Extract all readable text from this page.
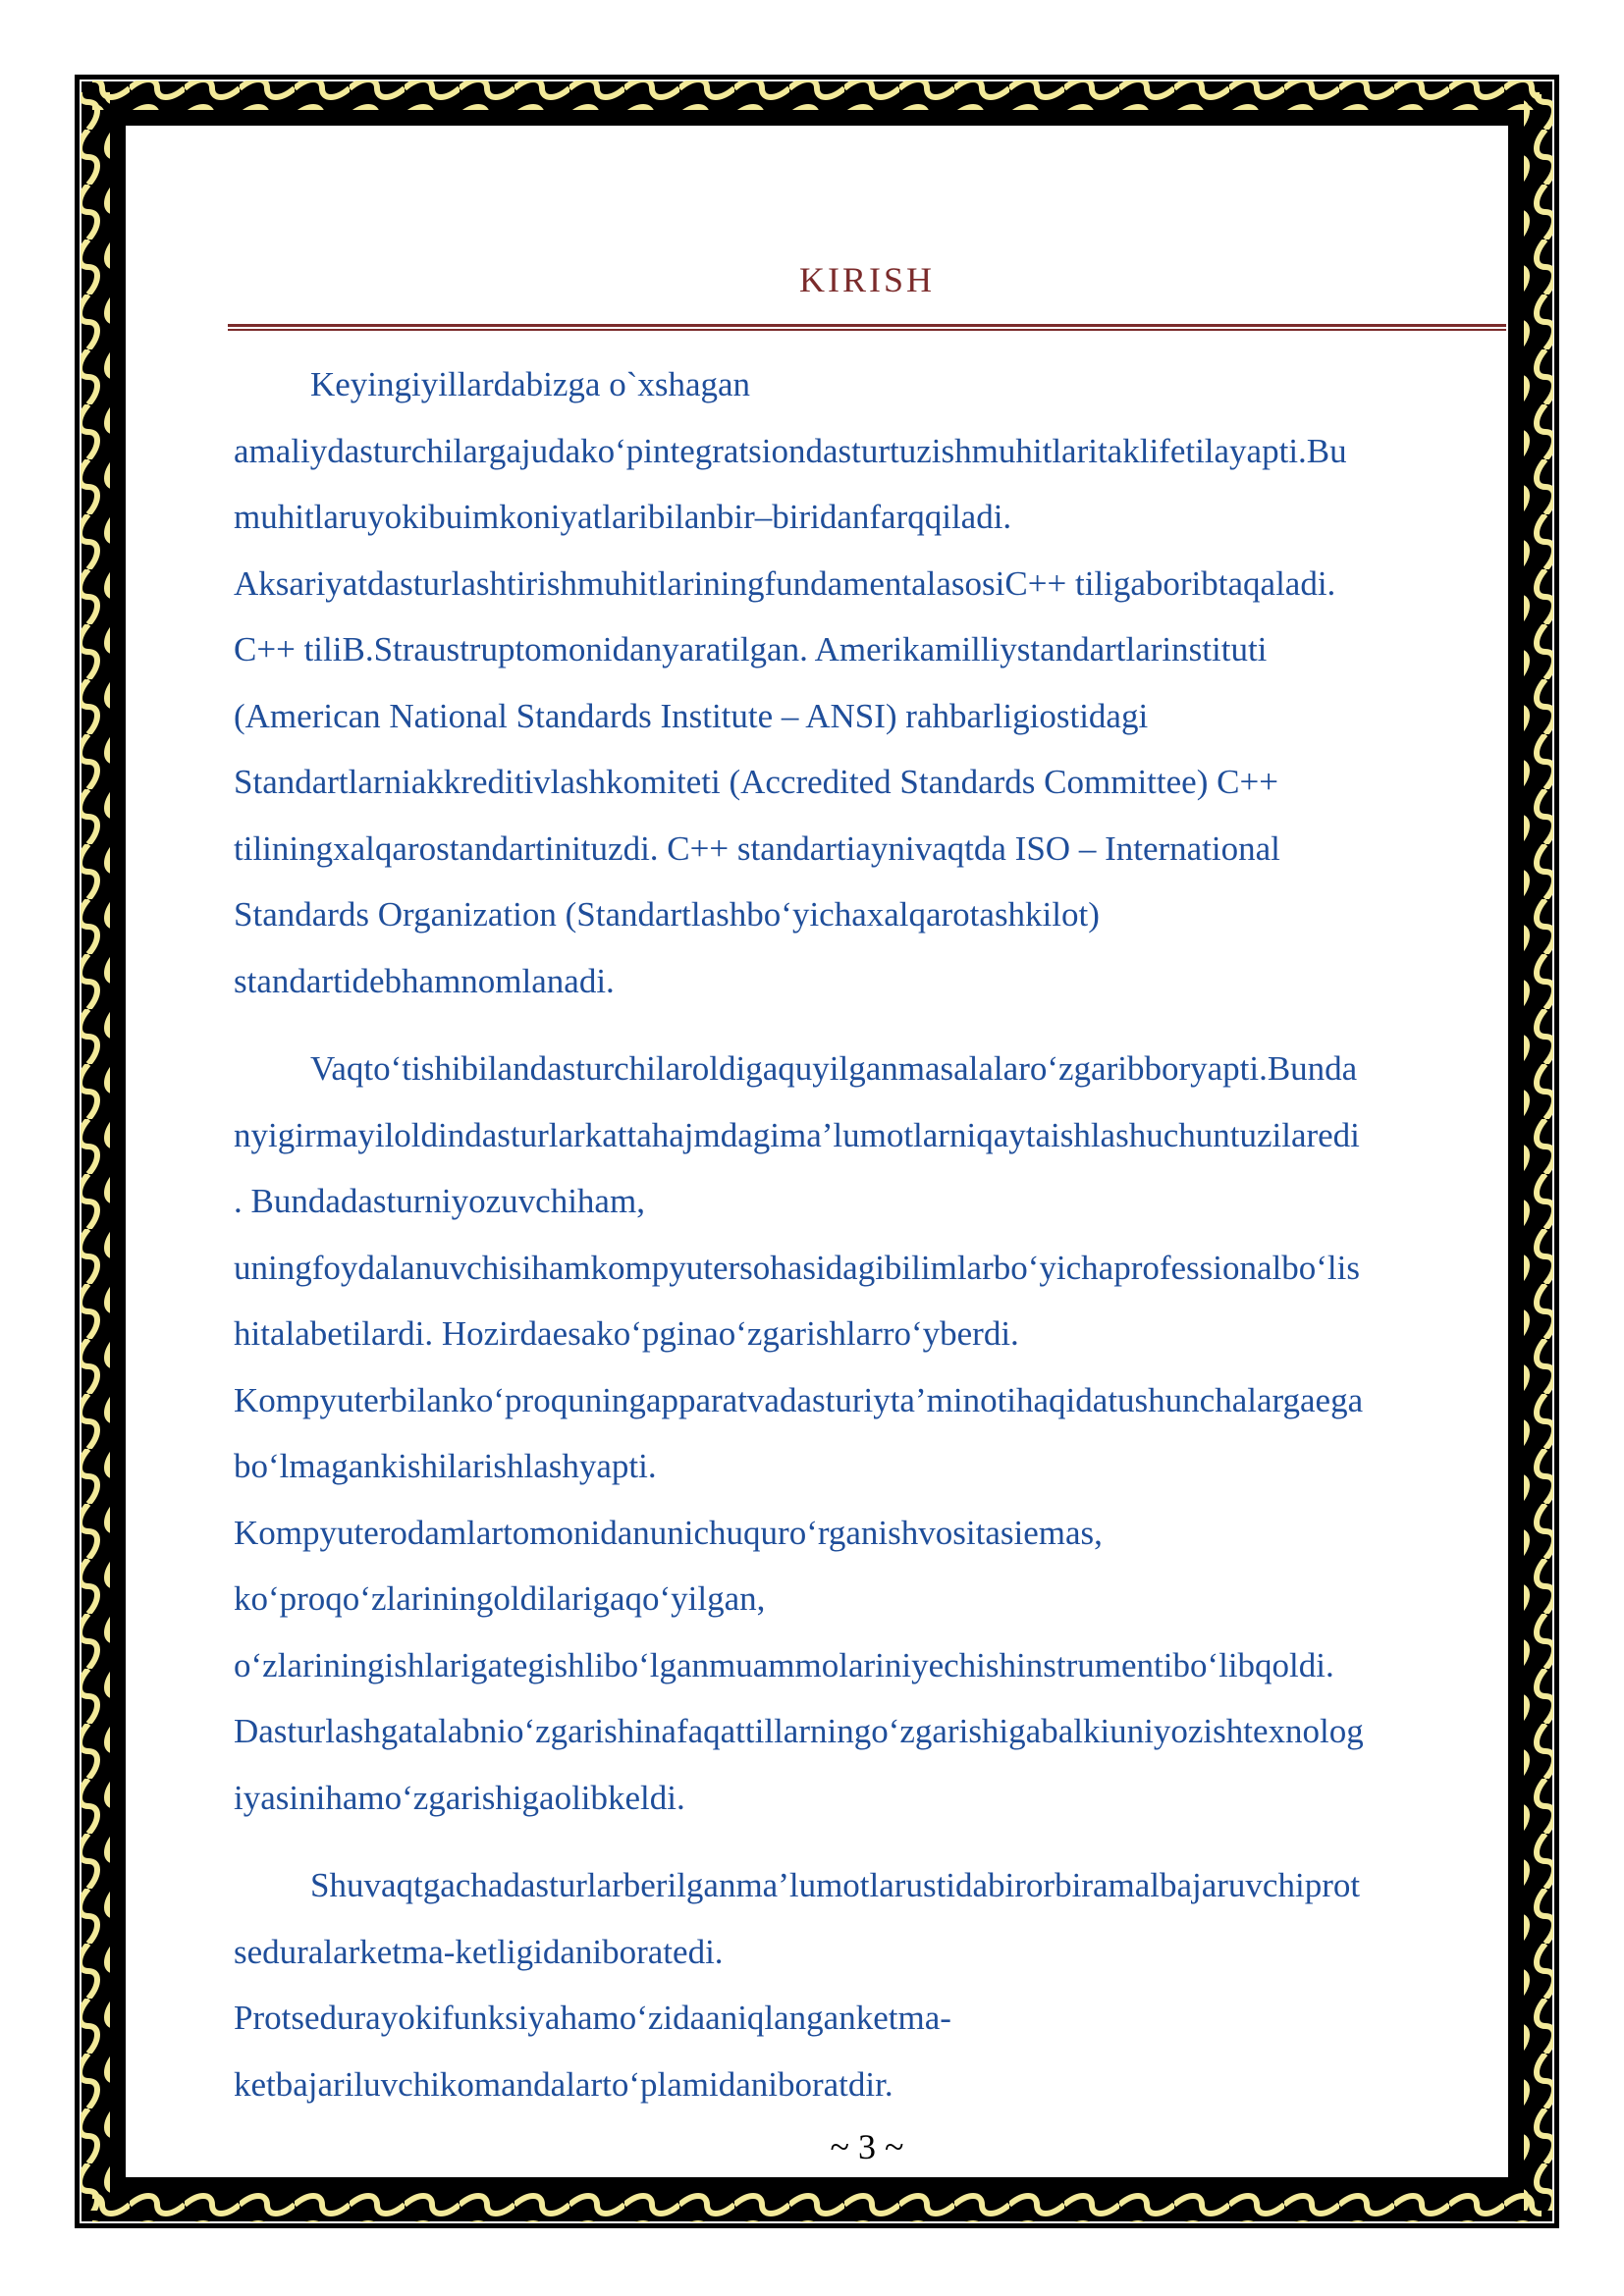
KIRISH
Keyingiyillardabizga o`xshagan
amaliydasturchilargajudako‘pintegratsiondasturtuzishmuhitlaritaklifetilayapti.Bu
muhitlaruyokibuimkoniyatlaribilanbir–biridanfarqqiladi.
AksariyatdasturlashtirishmuhitlariningfundamentalasosiC++ tiligaboribtaqaladi.
C++ tiliB.Straustruptomonidanyaratilgan. Amerikamilliystandartlarinstituti
(American National Standards Institute – ANSI) rahbarligiostidagi
Standartlarniakkreditivlashkomiteti (Accredited Standards Committee) C++
tiliningxalqarostandartinituzdi. C++ standartiaynivaqtda ISO – International
Standards Organization (Standartlashbo‘yichaxalqarotashkilot)
standartidebhamnomlanadi.
Vaqto‘tishibilandasturchilaroldigaquyilganmasalalaro‘zgaribboryapti.Bunda
nyigirmayiloldindasturlarkattahajmdagima’lumotlarniqaytaishlashuchuntuzilaredi
. Bundadasturniyozuvchiham,
uningfoydalanuvchisihamkompyutersohasidagibilimlarbo‘yichaprofessionalbo‘lis
hitalabetilardi. Hozirdaesako‘pginao‘zgarishlarro‘yberdi.
Kompyuterbilanko‘proquningapparatvadasturiyta’minotihaqidatushunchalargaega
bo‘lmagankishilarishlashyapti.
Kompyuterodamlartomonidanunichuquro‘rganishvositasiemas,
ko‘proqo‘zlariningoldilarigaqo‘yilgan,
o‘zlariningishlarigategishlibo‘lganmuammolariniyechishinstrumentibo‘libqoldi.
Dasturlashgatalabnio‘zgarishinafaqattillarningo‘zgarishigabalkiuniyozishtexnolog
iyasinihamo‘zgarishigaolibkeldi.
Shuvaqtgachadasturlarberilganma’lumotlarustidabirorbiramalbajaruvchiprot
seduralarketma-ketligidaniboratedi.
Protsedurayokifunksiyahamo‘zidaaniqlanganketma-
ketbajariluvchikomandalarto‘plamidaniboratdir.
~ 3 ~
